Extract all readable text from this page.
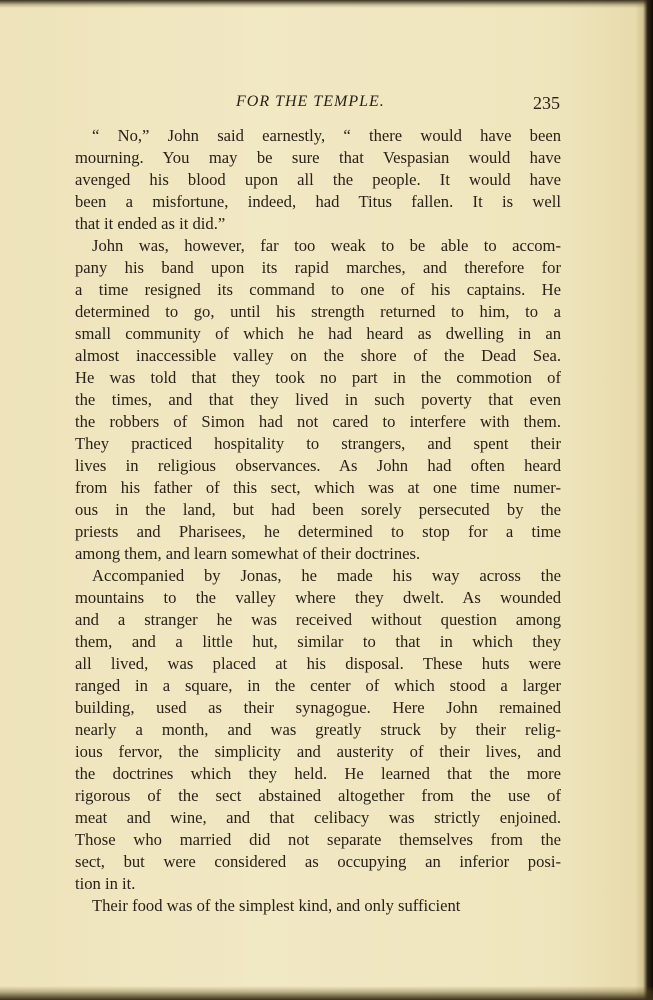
FOR THE TEMPLE.	235
“ No,” John said earnestly, “ there would have been
mourning. You may be sure that Vespasian would have
avenged his blood upon all the people. It would have
been a misfortune, indeed, had Titus fallen. It is well
that it ended as it did.”
John was, however, far too weak to be able to accom-
pany his band upon its rapid marches, and therefore for
a time resigned its command to one of his captains. He
determined to go, until his strength returned to him, to a
small community of which he had heard as dwelling in an
almost inaccessible valley on the shore of the Dead Sea.
He was told that they took no part in the commotion of
the times, and that they lived in such poverty that even
the robbers of Simon had not cared to interfere with them.
They practiced hospitality to strangers, and spent their
lives in religious observances. As John had often heard
from his father of this sect, which was at one time numer-
ous in the land, but had been sorely persecuted by the
priests and Pharisees, he determined to stop for a time
among them, and learn somewhat of their doctrines.
Accompanied by Jonas, he made his way across the
mountains to the valley where they dwelt. As wounded
and a stranger he was received without question among
them, and a little hut, similar to that in which they
all lived, was placed at his disposal. These huts were
ranged in a square, in the center of which stood a larger
building, used as their synagogue. Here John remained
nearly a month, and was greatly struck by their relig-
ious fervor, the simplicity and austerity of their lives, and
the doctrines which they held. He learned that the more
rigorous of the sect abstained altogether from the use of
meat and wine, and that celibacy was strictly enjoined.
Those who married did not separate themselves from the
sect, but were considered as occupying an inferior posi-
tion in it.
Their food was of the simplest kind, and only sufficient
